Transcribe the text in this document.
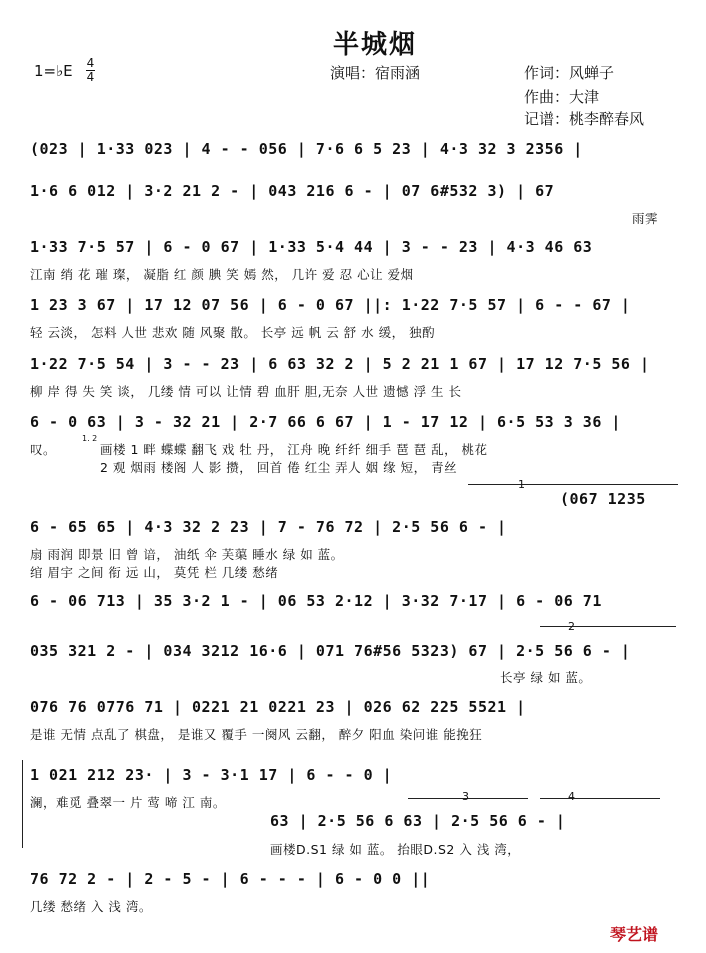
半城烟
1=♭E 4
4	演唱：宿雨涵	作词：风蝉子
作曲：大津
记谱：桃李醉春风
(023 | 1·33 023 | 4 - - 056 | 7·6 6 5 23 | 4·3 32 3 2356 |
1·6 6 012 | 3·2 21 2 - | 043 216 6 - | 07 6#532 3) | 67
雨霁
1·33 7·5 57 | 6 - 0 67 | 1·33 5·4 44 | 3 - - 23 | 4·3 46 63
江南 绡 花 璀 璨， 凝脂 红 颜 腆 笑 嫣 然， 几许 爱 忍 心让 爱烟
1 23 3 67 | 17 12 07 56 | 6 - 0 67 ||: 1·22 7·5 57 | 6 - - 67 |
轻 云淡， 怎料 人世 悲欢 随 风聚 散。 长亭 远 帆 云 舒 水 缓， 独酌
1·22 7·5 54 | 3 - - 23 | 6 63 32 2 | 5 2 21 1 67 | 17 12 7·5 56 |
柳 岸 得 失 笑 谈， 几缕 情 可以 让情 碧 血肝 胆,无奈 人世 遗憾 浮 生 长
6 - 0 63 | 3 - 32 21 | 2·7 66 6 67 | 1 - 17 12 | 6·5 53 3 36 |
叹。
1. 2
画楼 1 畔 蝶蝶 翻飞 戏 牡 丹， 江舟 晚 纤纤 细手 琶 琶 乱， 桃花
2 观 烟雨 楼阁 人 影 攒， 回首 倦 红尘 弄人 姻 缘 短， 青丝
1
(067 1235
6 - 65 65 | 4·3 32 2 23 | 7 - 76 72 | 2·5 56 6 - |
扇 雨润 即景 旧 曾 谙， 油纸 伞 芙蕖 睡水 绿 如 蓝。
绾 眉宇 之间 衔 远 山， 莫凭 栏 几缕 愁绪
6 - 06 713 | 35 3·2 1 - | 06 53 2·12 | 3·32 7·17 | 6 - 06 71
2
035 321 2 - | 034 3212 16·6 | 071 76#56 5323) 67 | 2·5 56 6 - |
长亭 绿 如 蓝。
076 76 0776 71 | 0221 21 0221 23 | 026 62 225 5521 |
是谁 无情 点乱了 棋盘， 是谁又 覆手 一阕风 云翻， 醉夕 阳血 染问谁 能挽狂
1 021 212 23· | 3 - 3·1 17 | 6 - - 0 |
澜，难觅 叠翠一 片 莺 啼 江 南。	3	4
63 | 2·5 56 6 63 | 2·5 56 6 - |
画楼D.S1 绿 如 蓝。 抬眼D.S2 入 浅 湾，
76 72 2 - | 2 - 5 - | 6 - - - | 6 - 0 0 ||
几缕 愁绪 入 浅 湾。
琴艺谱
